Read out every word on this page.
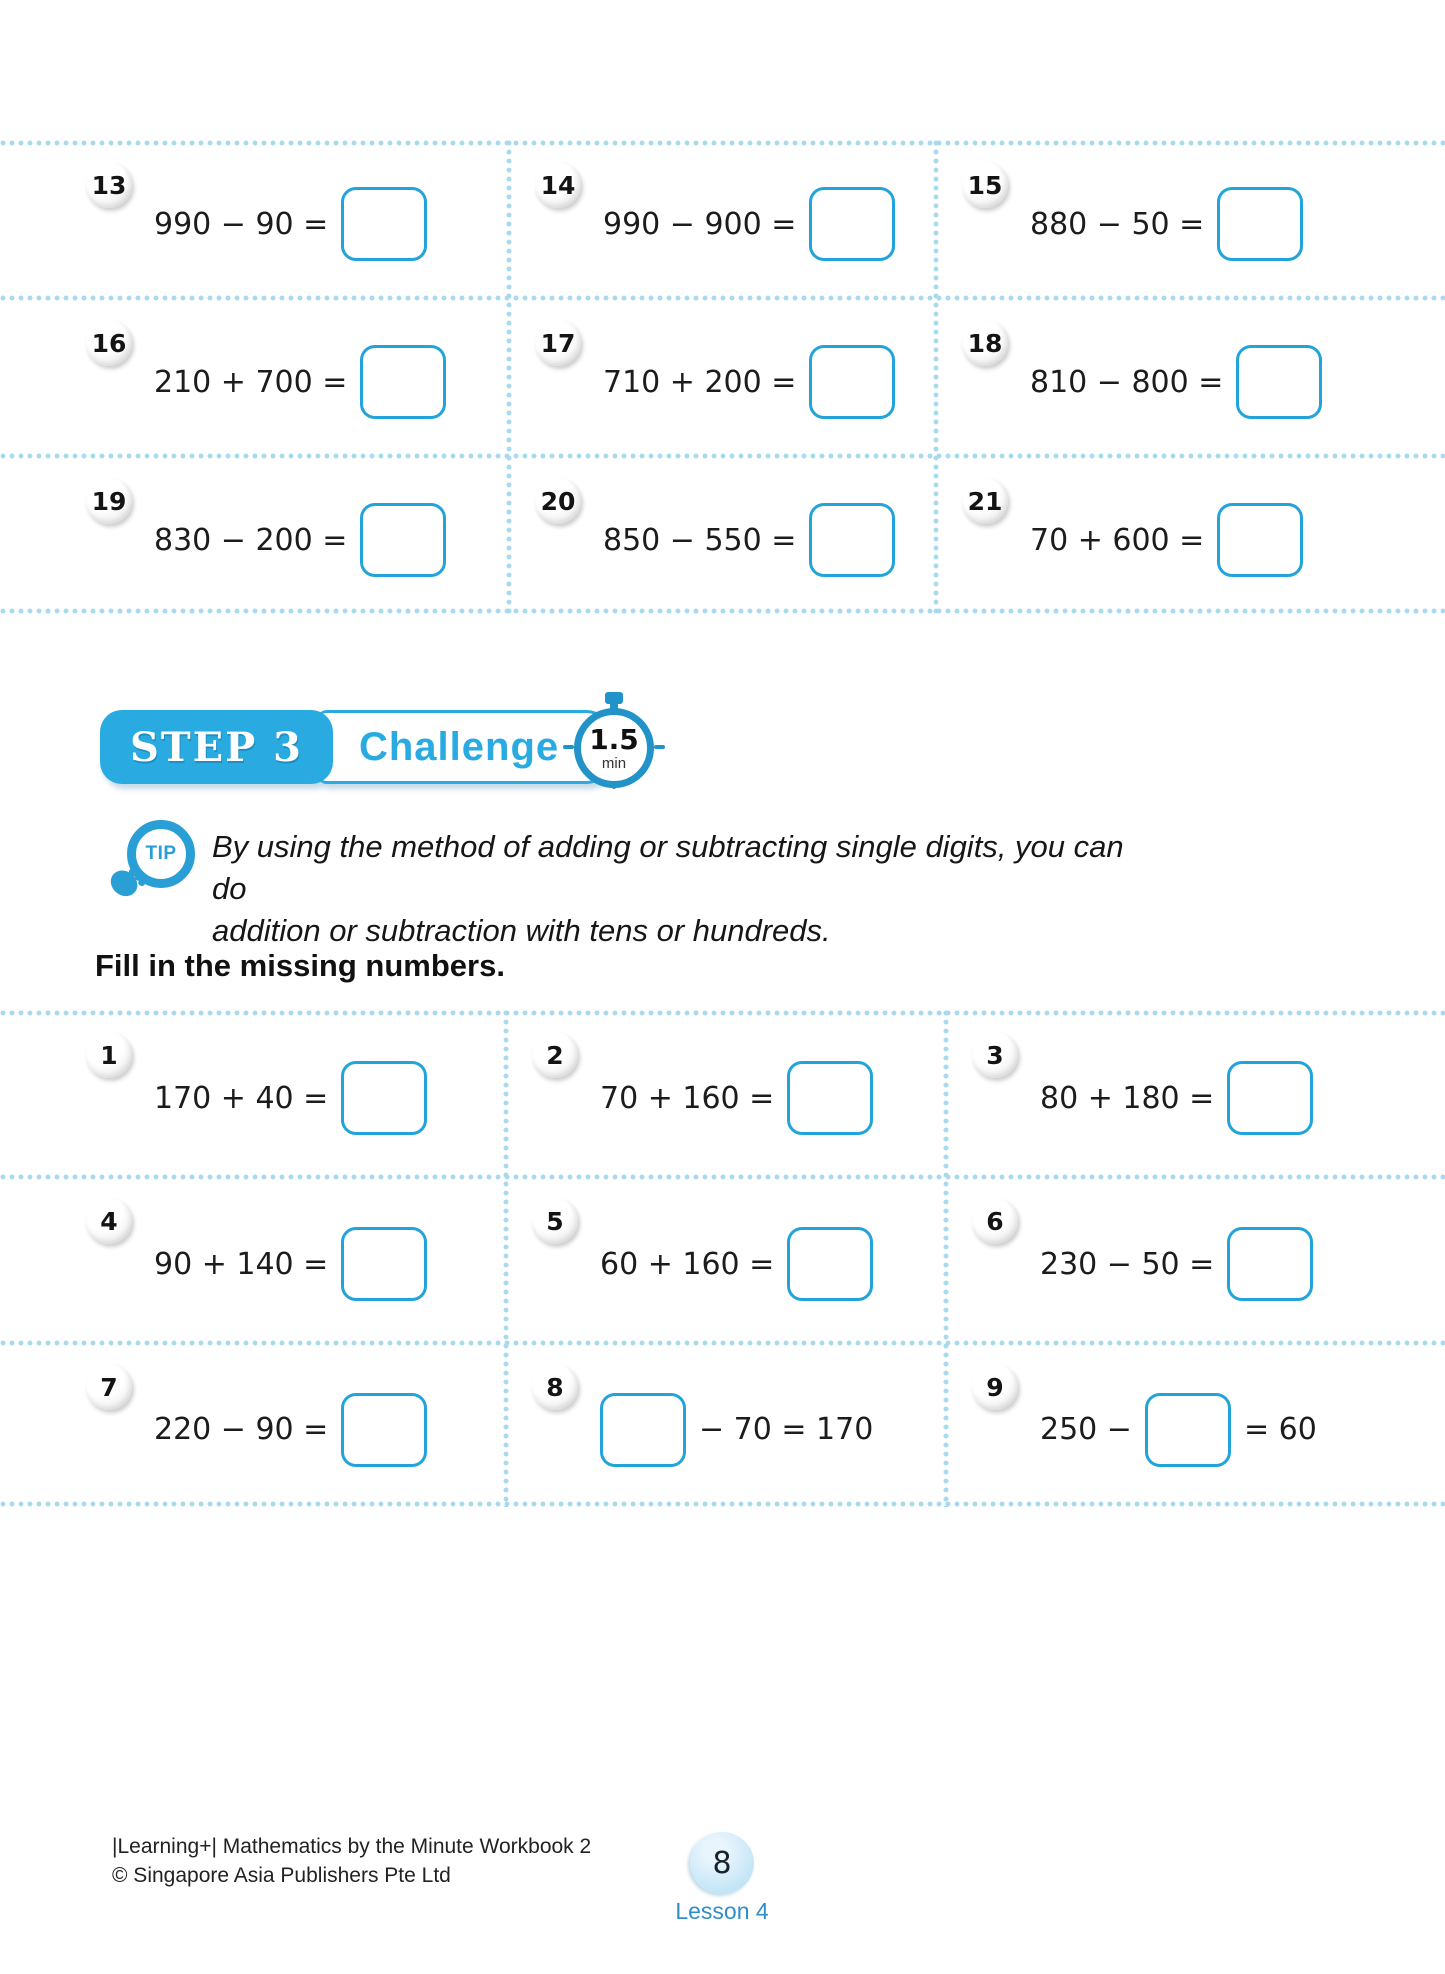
13
990 − 90 =
14
990 − 900 =
15
880 − 50 =
16
210 + 700 =
17
710 + 200 =
18
810 − 800 =
19
830 − 200 =
20
850 − 550 =
21
70 + 600 =
STEP 3 Challenge 1.5
min
TIP By using the method of adding or subtracting single digits, you can do
addition or subtraction with tens or hundreds.
Fill in the missing numbers.
1
170 + 40 =
2
70 + 160 =
3
80 + 180 =
4
90 + 140 =
5
60 + 160 =
6
230 − 50 =
7
220 − 90 =
8
− 70 = 170
9
250 −	= 60
|Learning+| Mathematics by the Minute Workbook 2
© Singapore Asia Publishers Pte Ltd	8
Lesson 4
